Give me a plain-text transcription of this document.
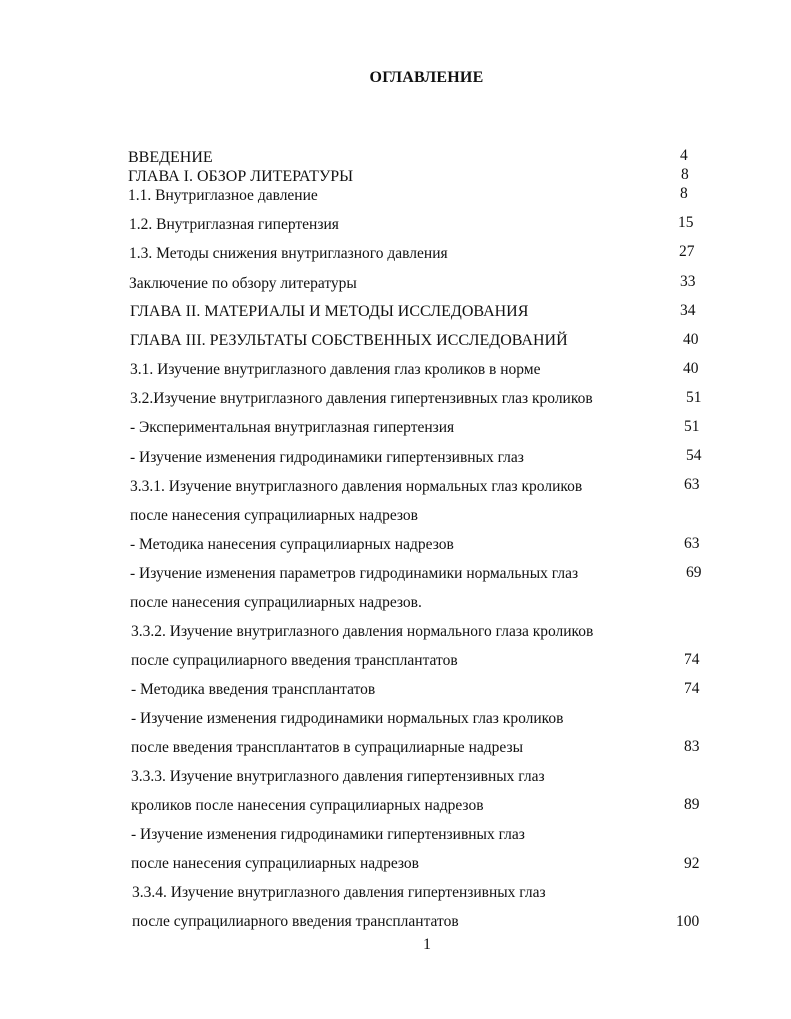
ОГЛАВЛЕНИЕ
ВВЕДЕНИЕ	4
ГЛАВА I. ОБЗОР ЛИТЕРАТУРЫ	8
1.1. Внутриглазное давление	8
1.2. Внутриглазная гипертензия	15
1.3. Методы снижения внутриглазного давления	27
Заключение по обзору литературы	33
ГЛАВА II. МАТЕРИАЛЫ И МЕТОДЫ ИССЛЕДОВАНИЯ	34
ГЛАВА III. РЕЗУЛЬТАТЫ СОБСТВЕННЫХ ИССЛЕДОВАНИЙ	40
3.1. Изучение внутриглазного давления глаз кроликов в норме	40
3.2.Изучение внутриглазного давления гипертензивных глаз кроликов	51
- Экспериментальная внутриглазная гипертензия	51
- Изучение изменения гидродинамики гипертензивных глаз	54
3.3.1. Изучение внутриглазного давления нормальных глаз кроликов	63
после нанесения супрацилиарных надрезов
- Методика нанесения супрацилиарных надрезов	63
- Изучение изменения параметров гидродинамики нормальных глаз	69
после нанесения супрацилиарных надрезов.
3.3.2. Изучение внутриглазного давления нормального глаза кроликов
после супрацилиарного введения трансплантатов	74
- Методика введения трансплантатов	74
- Изучение изменения гидродинамики нормальных глаз кроликов
после введения трансплантатов в супрацилиарные надрезы	83
3.3.3. Изучение внутриглазного давления гипертензивных глаз
кроликов после нанесения супрацилиарных надрезов	89
- Изучение изменения гидродинамики гипертензивных глаз
после нанесения супрацилиарных надрезов	92
3.3.4. Изучение внутриглазного давления гипертензивных глаз
после супрацилиарного введения трансплантатов	100
1
